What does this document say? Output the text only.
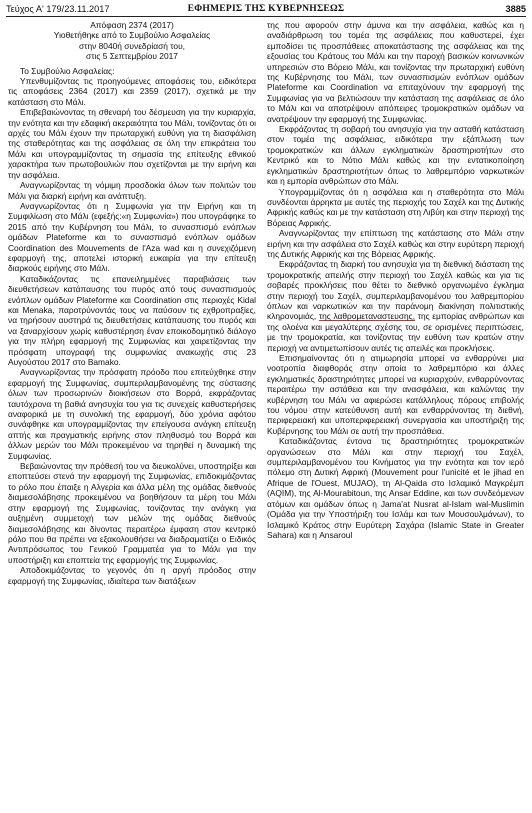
Τεύχος Α' 179/23.11.2017	ΕΦΗΜΕΡΙΣ ΤΗΣ ΚΥΒΕΡΝΗΣΕΩΣ	3885

Απόφαση 2374 (2017)

Υιοθετήθηκε από το Συμβούλιο Ασφαλείας

στην 8040ή συνεδρίασή του,

στις 5 Σεπτεμβρίου 2017

Το Συμβούλιο Ασφαλείας:

Υπενθυμίζοντας τις προηγούμενες αποφάσεις του, ειδικότερα τις αποφάσεις 2364 (2017) και 2359 (2017), σχετικά με την κατάσταση στο Μάλι.

Επιβεβαιώνοντας τη σθεναρή του δέσμευση για την κυριαρχία, την ενότητα και την εδαφική ακεραιότητα του Μάλι, τονίζοντας ότι οι αρχές του Μάλι έχουν την πρωταρχική ευθύνη για τη διασφάλιση της σταθερότητας και της ασφάλειας σε όλη την επικράτεια του Μάλι και υπογραμμίζοντας τη σημασία της επίτευξης εθνικού χαρακτήρα των πρωτοβουλιών που σχετίζονται με την ειρήνη και την ασφάλεια.

Αναγνωρίζοντας τη νόμιμη προσδοκία όλων των πολιτών του Μάλι για διαρκή ειρήνη και ανάπτυξη.

Αναγνωρίζοντας ότι η Συμφωνία για την Ειρήνη και τη Συμφιλίωση στο Μάλι (εφεξής:«η Συμφωνία») που υπογράφηκε το 2015 από την Κυβέρνηση του Μάλι, το συνασπισμό ενόπλων ομάδων Plateforme και το συνασπισμό ενόπλων ομάδων Coordination des Mouvements de l'Aza wad και η συνεχιζόμενη εφαρμογή της, αποτελεί ιστορική ευκαιρία για την επίτευξη διαρκούς ειρήνης στο Μάλι.

Καταδικάζοντας τις επανειλημμένες παραβιάσεις των διευθετήσεων κατάπαυσης του πυρός από τους συνασπισμούς ενόπλων ομάδων Plateforme και Coordination στις περιοχές Kidal και Menaka, παροτρύνοντάς τους να παύσουν τις εχθροπραξίες, να τηρήσουν αυστηρά τις διευθετήσεις κατάπαυσης του πυρός και να ξαναρχίσουν χωρίς καθυστέρηση έναν εποικοδομητικό διάλογο για την πλήρη εφαρμογή της Συμφωνίας και χαιρετίζοντας την πρόσφατη υπογραφή της συμφωνίας ανακωχής στις 23 Αυγούστου 2017 στο Bamako.

Αναγνωρίζοντας την πρόσφατη πρόοδο που επιτεύχθηκε στην εφαρμογή της Συμφωνίας, συμπεριλαμβανομένης της σύστασης όλων των προσωρινών διοικήσεων στο Βορρά, εκφράζοντας ταυτόχρονα τη βαθιά ανησυχία του για τις συνεχείς καθυστερήσεις αναφορικά με τη συνολική της εφαρμογή, δύο χρόνια αφότου συνάφθηκε και υπογραμμίζοντας την επείγουσα ανάγκη επίτευξη απτής και πραγματικής ειρήνης στον πληθυσμό του Βορρά και άλλων μερών του Μάλι προκειμένου να τηρηθεί η δυναμική της Συμφωνίας.

Βεβαιώνοντας την πρόθεσή του να διευκολύνει, υποστηρίξει και εποπτεύσει στενά την εφαρμογή της Συμφωνίας, επιδοκιμάζοντας το ρόλο που έπαιξε η Αλγερία και άλλα μέλη της ομάδας διεθνούς διαμεσολάβησης προκειμένου να βοηθήσουν τα μέρη του Μάλι στην εφαρμογή της Συμφωνίας, τονίζοντας την ανάγκη για αυξημένη συμμετοχή των μελών της ομάδας διεθνούς διαμεσολάβησης και δίνοντας περαιτέρω έμφαση στον κεντρικό ρόλο που θα πρέπει να εξακολουθήσει να διαδραματίζει ο Ειδικός Αντιπρόσωπος του Γενικού Γραμματέα για το Μάλι για την υποστήριξη και εποπτεία της εφαρμογής της Συμφωνίας.

Αποδοκιμάζοντας το γεγονός ότι η αργή πρόοδος στην εφαρμογή της Συμφωνίας, ιδιαίτερα των διατάξεων

της που αφορούν στην άμυνα και την ασφάλεια, καθώς και η αναδιάρθρωση του τομέα της ασφάλειας που καθυστερεί, έχει εμποδίσει τις προσπάθειες αποκατάστασης της ασφάλειας και της εξουσίας του Κράτους του Μάλι και την παροχή βασικών κοινωνικών υπηρεσιών στο Βόρειο Μάλι, και τονίζοντας την πρωταρχική ευθύνη της Κυβέρνησης του Μάλι, των συνασπισμών ενόπλων ομάδων Plateforme και Coordination να επιταχύνουν την εφαρμογή της Συμφωνίας για να βελτιώσουν την κατάσταση της ασφάλειας σε όλο το Μάλι και να αποτρέψουν απόπειρες τρομοκρατικών ομάδων να ανατρέψουν την εφαρμογή της Συμφωνίας.

Εκφράζοντας τη σοβαρή του ανησυχία για την ασταθή κατάσταση στον τομέα της ασφάλειας, ειδικότερα την εξάπλωση των τρομοκρατικών και άλλων εγκληματικών δραστηριοτήτων στο Κεντρικό και το Νότιο Μάλι καθώς και την εντατικοποίηση εγκληματικών δραστηριοτήτων όπως το λαθρεμπόριο ναρκωτικών και η εμπορία ανθρώπων στο Μάλι.

Υπογραμμίζοντας ότι η ασφάλεια και η σταθερότητα στο Μάλι συνδέονται άρρηκτα με αυτές της περιοχής του Σαχέλ και της Δυτικής Αφρικής καθώς και με την κατάσταση στη Λιβύη και στην περιοχή της Βόρειας Αφρικής.

Αναγνωρίζοντας την επίπτωση της κατάστασης στο Μάλι στην ειρήνη και την ασφάλεια στο Σαχέλ καθώς και στην ευρύτερη περιοχή της Δυτικής Αφρικής και της Βόρειας Αφρικής.

Εκφράζοντας τη διαρκή του ανησυχία για τη διεθνική διάσταση της τρομοκρατικής απειλής στην περιοχή του Σαχέλ καθώς και για τις σοβαρές προκλήσεις που θέτει το διεθνικό οργανωμένο έγκλημα στην περιοχή του Σαχέλ, συμπεριλαμβανομένου του λαθρεμπορίου όπλων και ναρκωτικών και την παράνομη διακίνηση πολιτιστικής κληρονομιάς, της λαθρομεταναστευσης, της εμπορίας ανθρώπων και της ολοένα και μεγαλύτερης σχέσης του, σε ορισμένες περιπτώσεις, με την τρομοκρατία, και τονίζοντας την ευθύνη των κρατών στην περιοχή να αντιμετωπίσουν αυτές τις απειλές και προκλήσεις.

Επισημαίνοντας ότι η ατιμωρησία μπορεί να ενθαρρύνει μια νοοτροπία διαφθοράς στην οποία το λαθρεμπόριο και άλλες εγκληματικές δραστηριότητες μπορεί να κυριαρχούν, ενθαρρύνοντας περαιτέρω την αστάθεια και την ανασφάλεια, και καλώντας την κυβέρνηση του Μάλι να αφιερώσει κατάλληλους πόρους επιβολής του νόμου στην κατεύθυνση αυτή και ενθαρρύνοντας τη διεθνή, περιφερειακή και υποπεριφερειακή συνεργασία και υποστήριξη της Κυβέρνησης του Μάλι σε αυτή την προσπάθεια.

Καταδικάζοντας έντονα τις δραστηριότητες τρομοκρατικών οργανώσεων στο Μάλι και στην περιοχή του Σαχέλ, συμπεριλαμβανομένου του Κινήματος για την ενότητα και τον ιερό πόλεμο στη Δυτική Αφρική (Mouvement pour l'unicité et le jihad en Afrique de l'Ouest, MUJAO), τη Al-Qaida στο Ισλαμικό Μαγκρέμπ (AQIM), της Al-Mourabitoun, της Ansar Eddine, και των συνδεόμενων ατόμων και ομάδων όπως η Jama'at Nusrat al-Islam wal-Muslimin (Ομάδα για την Υποστήριξη του Ισλάμ και των Μουσουλμάνων), το Ισλαμικό Κράτος στην Ευρύτερη Σαχάρα (Islamic State in Greater Sahara) και η Ansaroul
